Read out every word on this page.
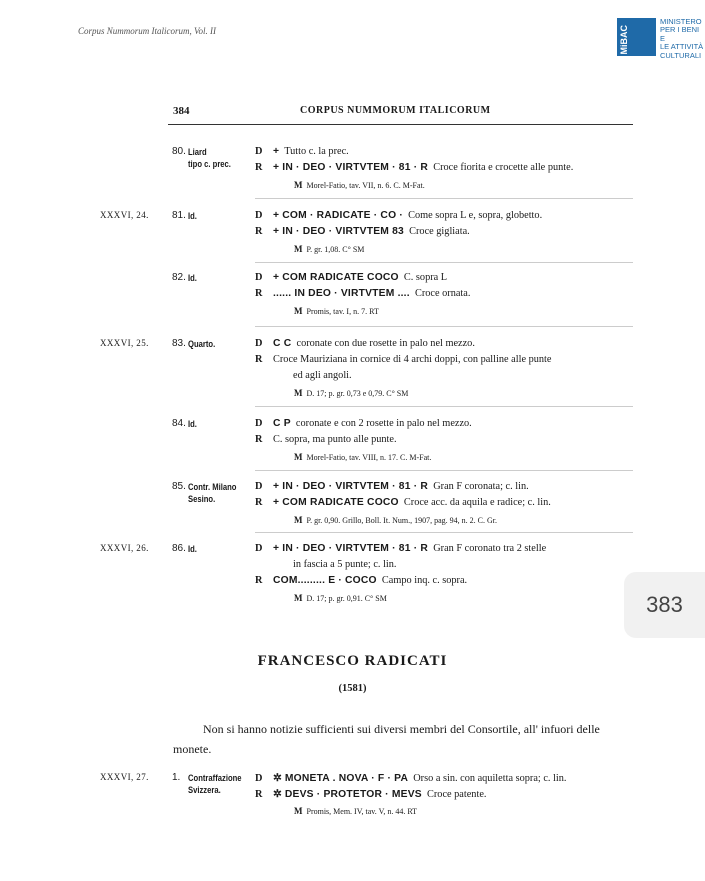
Corpus Nummorum Italicorum, Vol. II	MiBAC
MINISTERO
PER I BENI E
LE ATTIVITÀ
CULTURALI
384	CORPUS NUMMORUM ITALICORUM
80. Liard
tipo c. prec.
D + Tutto c. la prec.
R + IN · DEO · VIRTVTEM · 81 · R Croce fiorita e crocette alle punte.
M Morel-Fatio, tav. VII, n. 6. C. M-Fat.
XXXVI, 24. 81. Id.	D + COM · RADICATE · CO · Come sopra L e, sopra, globetto.
R + IN · DEO · VIRTVTEM 83 Croce gigliata.
M P. gr. 1,08. C° SM
82. Id.	D + COM RADICATE COCO C. sopra L
R ...... IN DEO · VIRTVTEM .... Croce ornata.
M Promis, tav. I, n. 7. RT
XXXVI, 25. 83. Quarto.	D C C coronate con due rosette in palo nel mezzo.
R Croce Mauriziana in cornice di 4 archi doppi, con palline alle punte
ed agli angoli.
M D. 17; p. gr. 0,73 e 0,79. C° SM
84. Id.	D C P coronate e con 2 rosette in palo nel mezzo.
R C. sopra, ma punto alle punte.
M Morel-Fatio, tav. VIII, n. 17. C. M-Fat.
85. Contr. Milano
Sesino.
D + IN · DEO · VIRTVTEM · 81 · R Gran F coronata; c. lin.
R + COM RADICATE COCO Croce acc. da aquila e radice; c. lin.
M P. gr. 0,90. Grillo, Boll. It. Num., 1907, pag. 94, n. 2. C. Gr.
XXXVI, 26. 86. Id.	D + IN · DEO · VIRTVTEM · 81 · R Gran F coronato tra 2 stelle
in fascia a 5 punte; c. lin.
R COM......... E · COCO Campo inq. c. sopra.
M D. 17; p. gr. 0,91. C° SM	383
FRANCESCO RADICATI
(1581)
Non si hanno notizie sufficienti sui diversi membri del Consortile, all' infuori delle monete.
XXXVI, 27. 1. Contraffazione
Svizzera.
D ✲ MONETA . NOVA · F · PA Orso a sin. con aquiletta sopra; c. lin.
R ✲ DEVS · PROTETOR · MEVS Croce patente.
M Promis, Mem. IV, tav. V, n. 44. RT
